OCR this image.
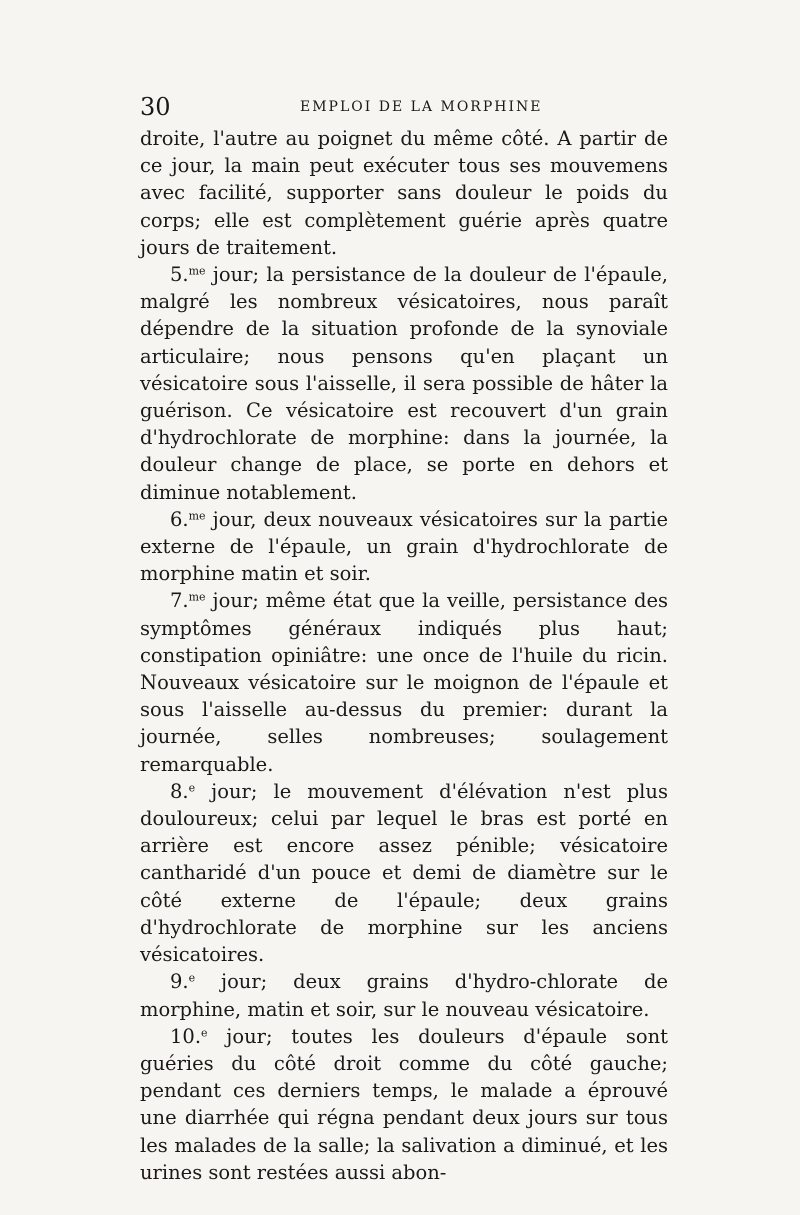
30	EMPLOI DE LA MORPHINE

droite, l'autre au poignet du même côté. A partir de ce jour, la main peut exécuter tous ses mouvemens avec facilité, supporter sans douleur le poids du corps; elle est complètement guérie après quatre jours de traitement.

5.$^{me}$ jour; la persistance de la douleur de l'épaule, malgré les nombreux vésicatoires, nous paraît dépendre de la situation profonde de la synoviale articulaire; nous pensons qu'en plaçant un vésicatoire sous l'aisselle, il sera possible de hâter la guérison. Ce vésicatoire est recouvert d'un grain d'hydrochlorate de morphine: dans la journée, la douleur change de place, se porte en dehors et diminue notablement.

6.$^{me}$ jour, deux nouveaux vésicatoires sur la partie externe de l'épaule, un grain d'hydrochlorate de morphine matin et soir.

7.$^{me}$ jour; même état que la veille, persistance des symptômes généraux indiqués plus haut; constipation opiniâtre: une once de l'huile du ricin. Nouveaux vésicatoire sur le moignon de l'épaule et sous l'aisselle au-dessus du premier: durant la journée, selles nombreuses; soulagement remarquable.

8.$^e$ jour; le mouvement d'élévation n'est plus douloureux; celui par lequel le bras est porté en arrière est encore assez pénible; vésicatoire cantharidé d'un pouce et demi de diamètre sur le côté externe de l'épaule; deux grains d'hydrochlorate de morphine sur les anciens vésicatoires.

9.$^e$ jour; deux grains d'hydro-chlorate de morphine, matin et soir, sur le nouveau vésicatoire.

10.$^e$ jour; toutes les douleurs d'épaule sont guéries du côté droit comme du côté gauche; pendant ces derniers temps, le malade a éprouvé une diarrhée qui régna pendant deux jours sur tous les malades de la salle; la salivation a diminué, et les urines sont restées aussi abon-
